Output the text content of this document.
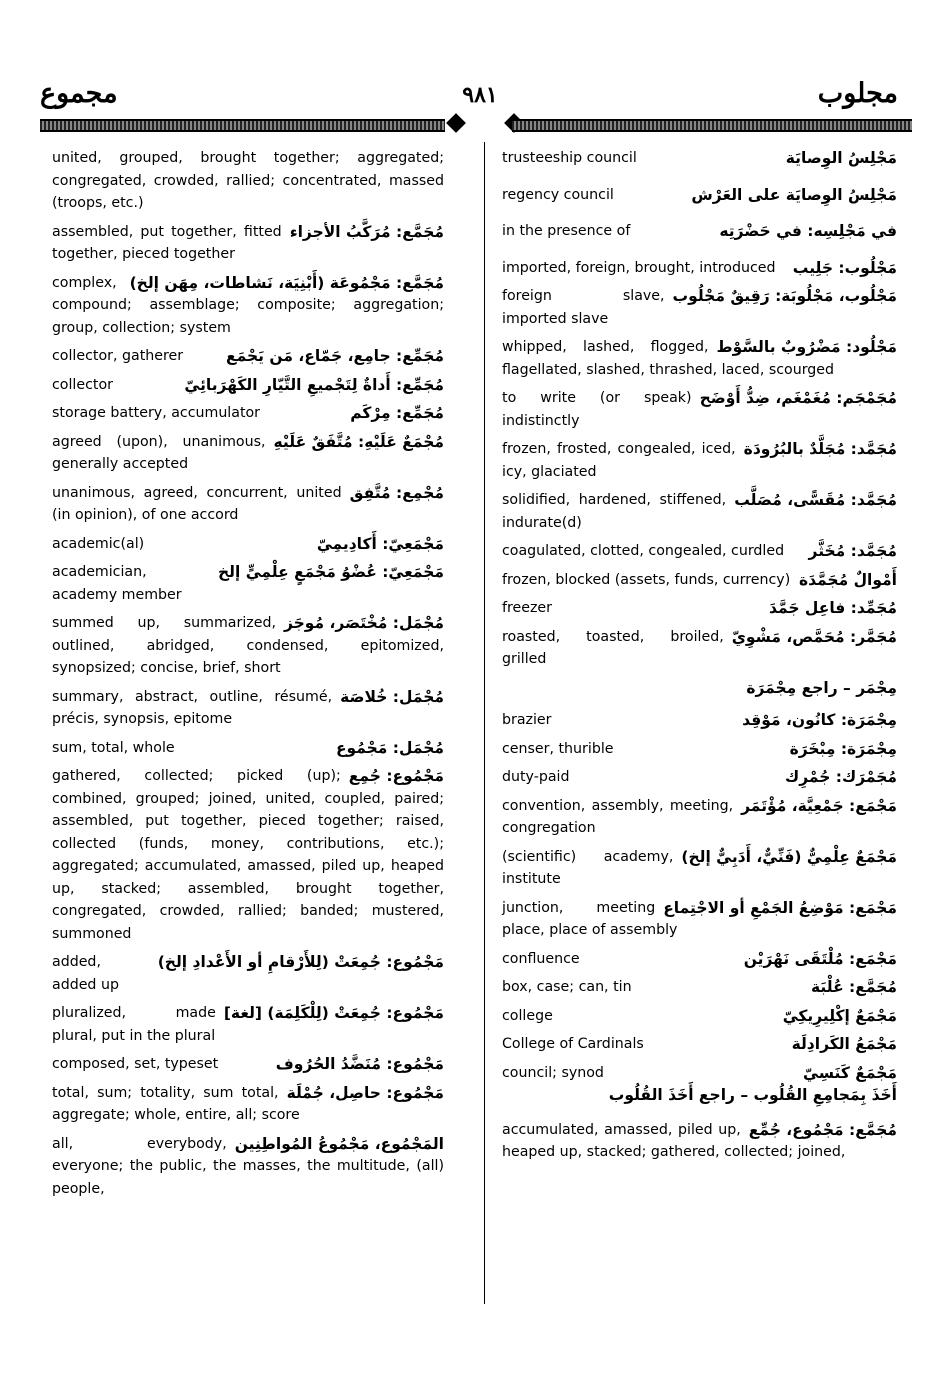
مجموع	٩٨١	مجلوب
united, grouped, brought together; aggregated; congregated, crowded, rallied; concentrated, massed (troops, etc.)
مُجَمَّع: مُرَكَّبُ الأجزاء
assembled, put together, fitted together, pieced together
مُجَمَّع: مَجْمُوعَة (أَبْنِيَة، نَشاطات، مِهَن إلخ)
complex, compound; assemblage; composite; aggregation; group, collection; system
مُجَمِّع: جامِع، جَمّاع، مَن يَجْمَع
collector, gatherer
مُجَمِّع: أَداةٌ لِتَجْميعِ التَّيّارِ الكَهْرَبائِيّ
collector
مُجَمِّع: مِرْكَم
storage battery, accumulator
مُجْمَعٌ عَلَيْهِ: مُتَّفَقٌ عَلَيْهِ
agreed (upon), unanimous, generally accepted
مُجْمِع: مُتَّفِق
unanimous, agreed, concurrent, united (in opinion), of one accord
مَجْمَعِيّ: أَكادِيمِيّ
academic(al)
مَجْمَعِيّ: عُضْوُ مَجْمَعٍ عِلْمِيٍّ إلخ
academician, academy member
مُجْمَل: مُخْتَصَر، مُوجَز
summed up, summarized, outlined, abridged, condensed, epitomized, synopsized; concise, brief, short
مُجْمَل: خُلاصَة
summary, abstract, outline, résumé, précis, synopsis, epitome
مُجْمَل: مَجْمُوع
sum, total, whole
مَجْمُوع: جُمِع
gathered, collected; picked (up); combined, grouped; joined, united, coupled, paired; assembled, put together, pieced together; raised, collected (funds, money, contributions, etc.); aggregated; accumulated, amassed, piled up, heaped up, stacked; assembled, brought together, congregated, crowded, rallied; banded; mustered, summoned
مَجْمُوع: جُمِعَتْ (لِلأَرْقامِ أو الأَعْدادِ إلخ)
added, added up
مَجْمُوع: جُمِعَتْ (لِلْكَلِمَة) [لغة]
pluralized, made plural, put in the plural
مَجْمُوع: مُنَضَّدُ الحُرُوف
composed, set, typeset
مَجْمُوع: حاصِل، جُمْلَة
total, sum; totality, sum total, aggregate; whole, entire, all; score
المَجْمُوع، مَجْمُوعُ المُواطِنِين
all, everybody, everyone; the public, the masses, the multitude, (all) people,
مَجْلِسُ الوِصايَة
trusteeship council
مَجْلِسُ الوِصايَة على العَرْش
regency council
في مَجْلِسِه: في حَضْرَتِه
in the presence of
مَجْلُوب: جَلِيب
imported, foreign, brought, introduced
مَجْلُوب، مَجْلُوبَة: رَقِيقٌ مَجْلُوب
foreign slave, imported slave
مَجْلُود: مَضْرُوبٌ بالسَّوْط
whipped, lashed, flogged, flagellated, slashed, thrashed, laced, scourged
مُجَمْجَم: مُغَمْغَم، ضِدُّ أَوْضَح
to write (or speak) indistinctly
مُجَمَّد: مُجَلَّدٌ بالبُرُودَة
frozen, frosted, congealed, iced, icy, glaciated
مُجَمَّد: مُقَسًّى، مُصَلَّب
solidified, hardened, stiffened, indurate(d)
مُجَمَّد: مُخَثَّر
coagulated, clotted, congealed, curdled
أَمْوالٌ مُجَمَّدَة
frozen, blocked (assets, funds, currency)
مُجَمِّد: فاعِل جَمَّدَ
freezer
مُجَمَّر: مُحَمَّص، مَشْوِيّ
roasted, toasted, broiled, grilled
مِجْمَر – راجع مِجْمَرَة
مِجْمَرَة: كانُون، مَوْقِد
brazier
مِجْمَرَة: مِبْخَرَة
censer, thurible
مُجَمْرَك: جُمْرِك
duty-paid
مَجْمَع: جَمْعِيَّة، مُؤْتَمَر
convention, assembly, meeting, congregation
مَجْمَعٌ عِلْمِيٌّ (فَنِّيٌّ، أَدَبِيٌّ إلخ)
(scientific) academy, institute
مَجْمَع: مَوْضِعُ الجَمْعِ أو الاجْتِماع
junction, meeting place, place of assembly
مَجْمَع: مُلْتَقَى نَهْرَيْن
confluence
مُجَمَّع: عُلْبَة
box, case; can, tin
مَجْمَعٌ إكْلِيرِيكِيّ
college
مَجْمَعُ الكَرادِلَة
College of Cardinals
مَجْمَعٌ كَنَسِيّ
council; synod
أَخَذَ بِمَجامِعِ القُلُوب – راجع أَخَذَ القُلُوب
مُجَمَّع: مَجْمُوع، جُمِّع
accumulated, amassed, piled up, heaped up, stacked; gathered, collected; joined,
